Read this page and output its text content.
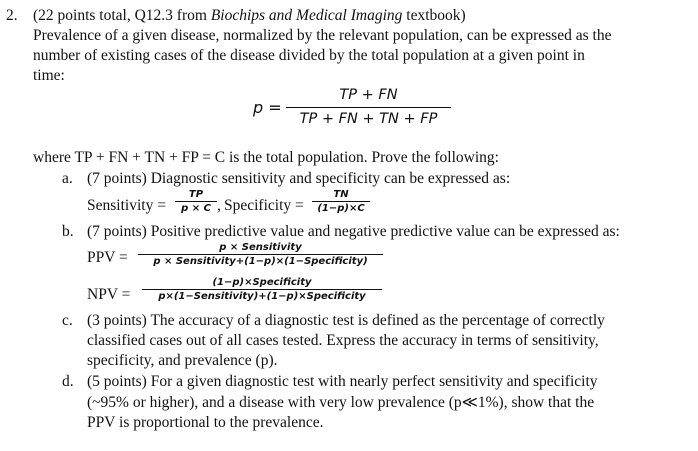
2. (22 points total, Q12.3 from Biochips and Medical Imaging textbook)
Prevalence of a given disease, normalized by the relevant population, can be expressed as the
number of existing cases of the disease divided by the total population at a given point in
time:
p =
TP + FN
TP + FN + TN + FP
where TP + FN + TN + FP = C is the total population. Prove the following:
a. (7 points) Diagnostic sensitivity and specificity can be expressed as:
Sensitivity =
TP
p × C , Specificity =
TN
(1−p)×C
b. (7 points) Positive predictive value and negative predictive value can be expressed as:
PPV =
p × Sensitivity
p × Sensitivity+(1−p)×(1−Specificity)
NPV =
(1−p)×Specificity
p×(1−Sensitivity)+(1−p)×Specificity
c. (3 points) The accuracy of a diagnostic test is defined as the percentage of correctly
classified cases out of all cases tested. Express the accuracy in terms of sensitivity,
specificity, and prevalence (p).
d. (5 points) For a given diagnostic test with nearly perfect sensitivity and specificity
(~95% or higher), and a disease with very low prevalence (p≪1%), show that the
PPV is proportional to the prevalence.
